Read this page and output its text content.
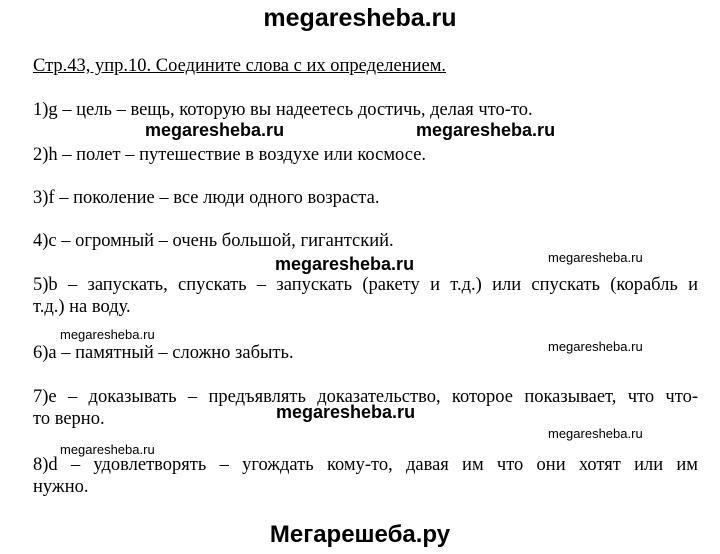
megaresheba.ru
Стр.43, упр.10. Соедините слова с их определением.
1)g – цель – вещь, которую вы надеетесь достичь, делая что-то.
2)h – полет – путешествие в воздухе или космосе.
3)f – поколение – все люди одного возраста.
4)c – огромный – очень большой, гигантский.
5)b – запускать, спускать – запускать (ракету и т.д.) или спускать (корабль и
т.д.) на воду.
6)a – памятный – сложно забыть.
7)e – доказывать – предъявлять доказательство, которое показывает, что что-
то верно.
8)d – удовлетворять – угождать кому-то, давая им что они хотят или им
нужно.
megaresheba.ru	megaresheba.ru
megaresheba.ru
megaresheba.ru
megaresheba.ru
megaresheba.ru
megaresheba.ru
megaresheba.ru
megaresheba.ru
Мегарешеба.ру
